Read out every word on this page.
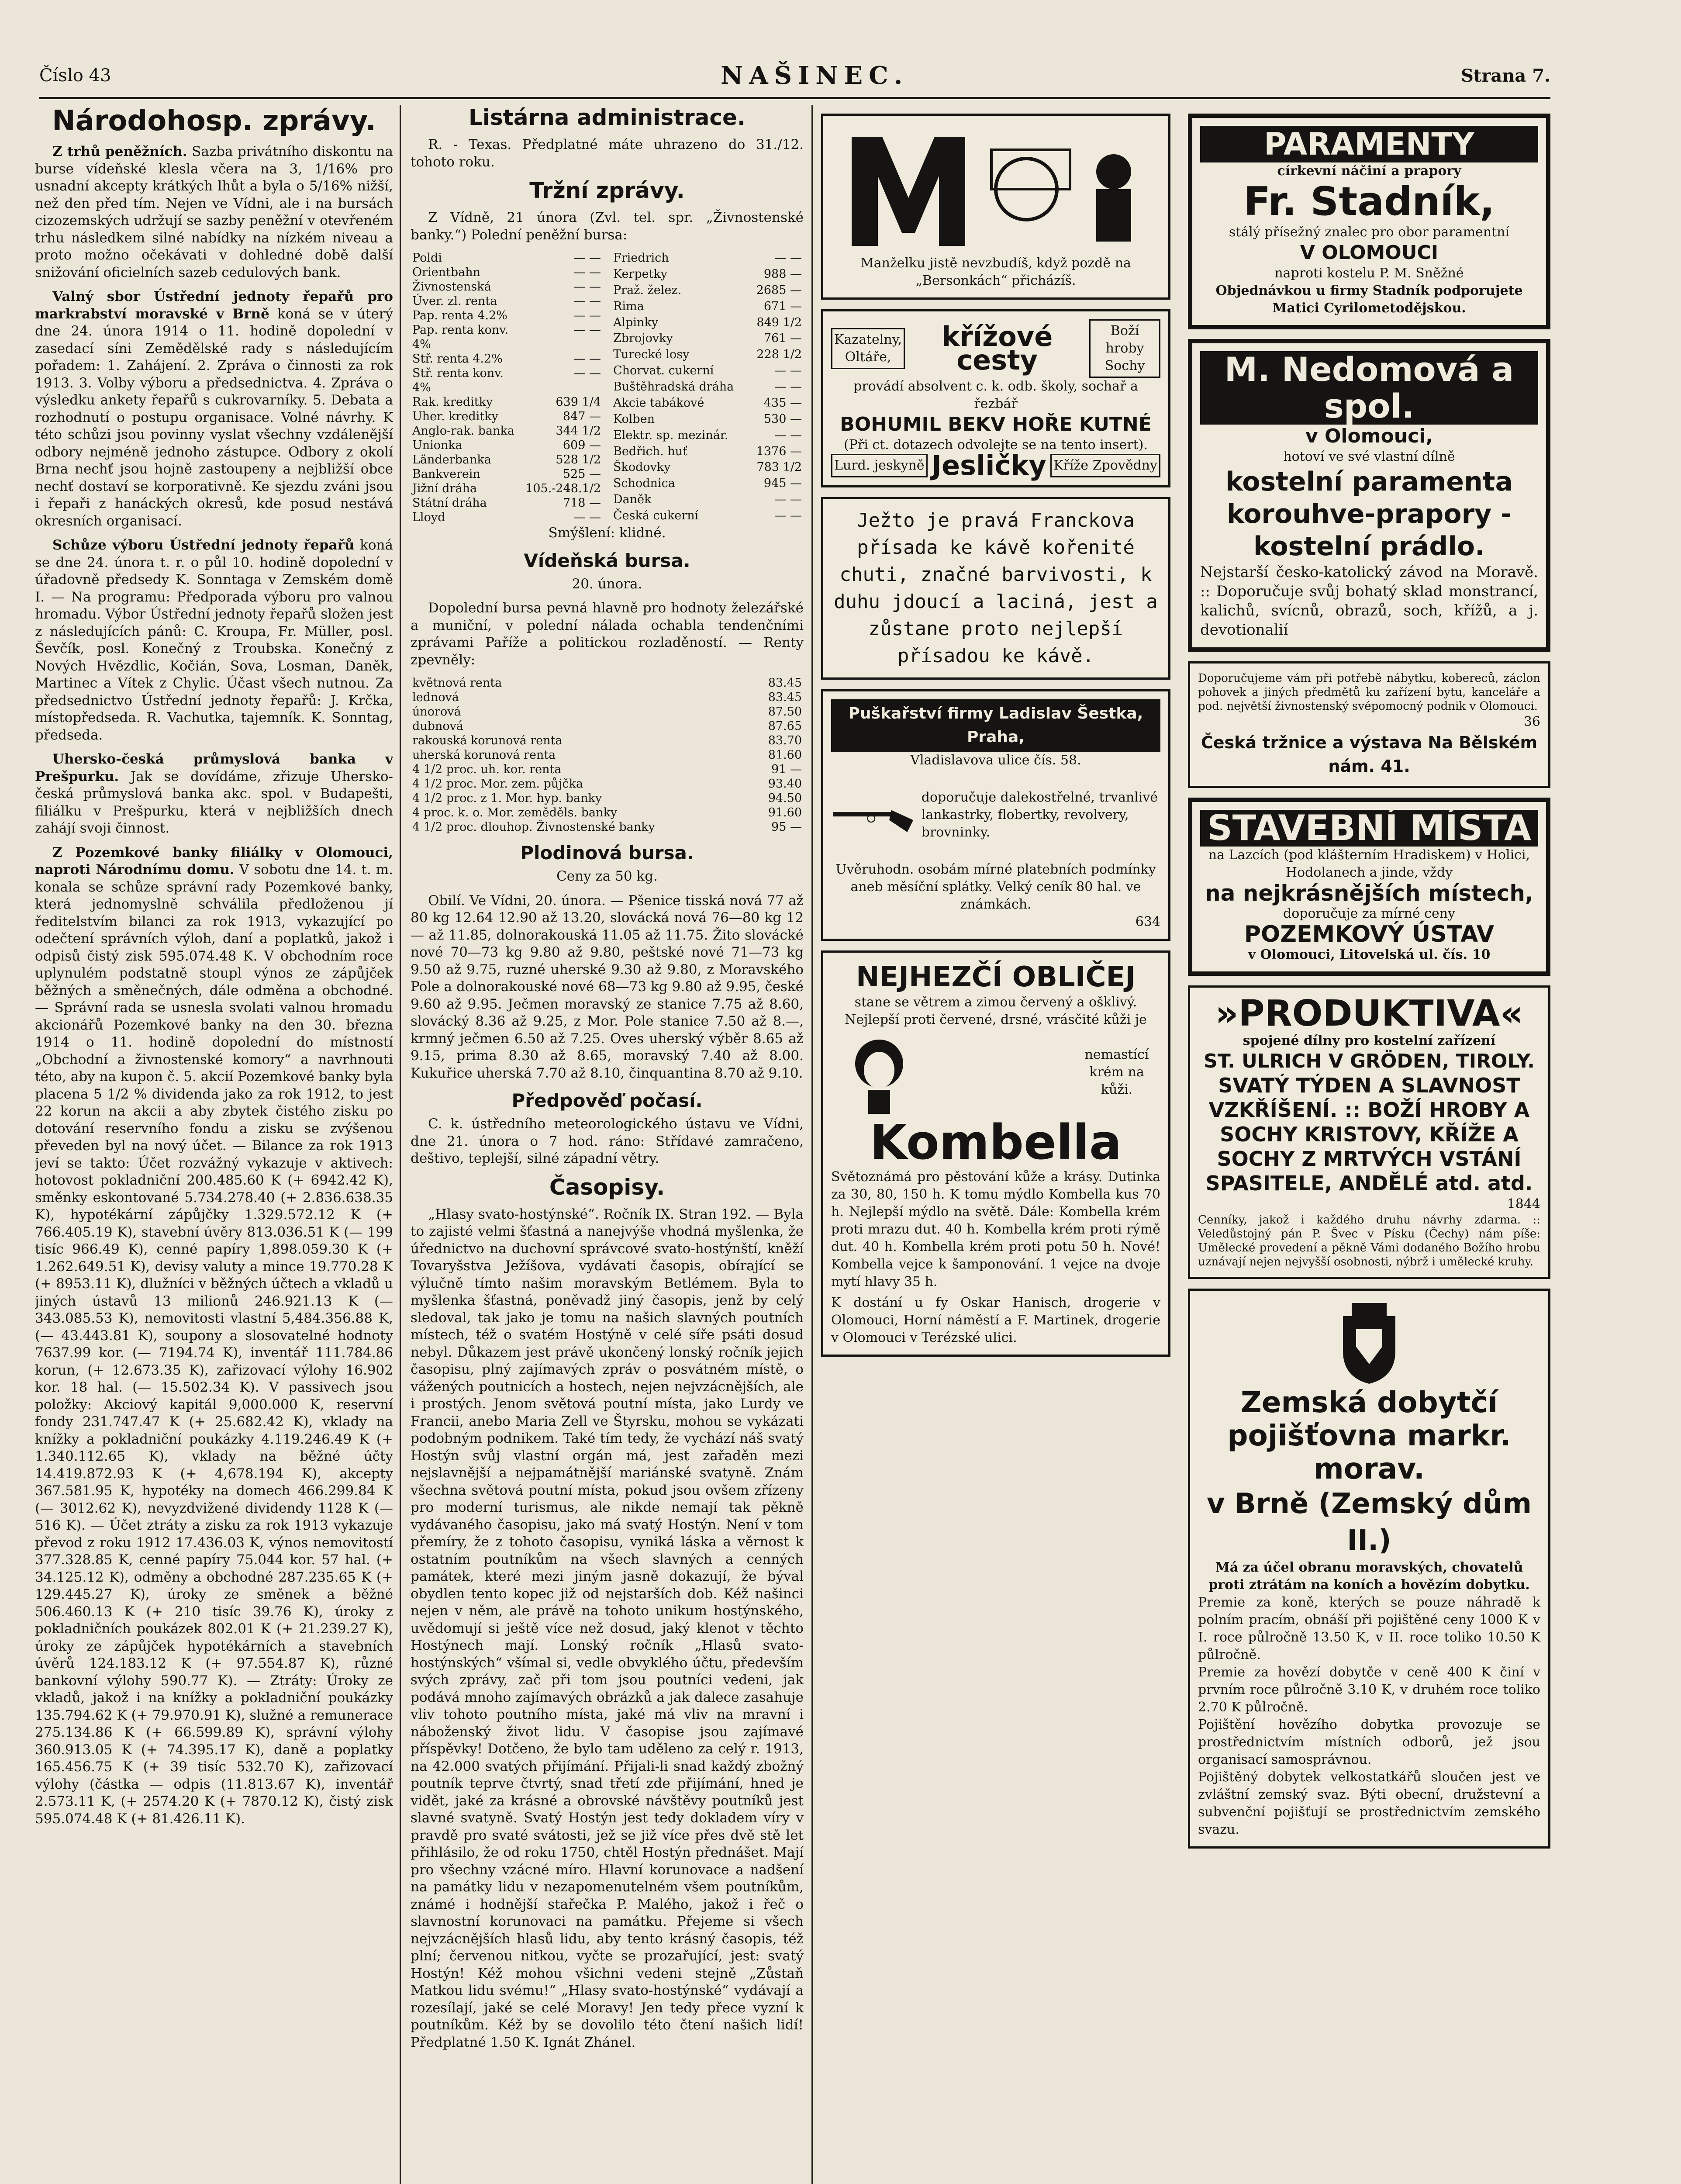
Číslo 43	NAŠINEC.	Strana 7.
Národohosp. zprávy.

Z trhů peněžních. Sazba privátního diskontu na burse vídeňské klesla včera na 3, 1/16% pro usnadní akcepty krátkých lhůt a byla o 5/16% nižší, než den před tím. Nejen ve Vídni, ale i na bursách cizozemských udržují se sazby peněžní v otevřeném trhu následkem silné nabídky na nízkém niveau a proto možno očekávati v dohledné době další snižování oficielních sazeb cedulových bank.

Valný sbor Ústřední jednoty řepařů pro markrabství moravské v Brně koná se v úterý dne 24. února 1914 o 11. hodině dopolední v zasedací síni Zemědělské rady s následujícím pořadem: 1. Zahájení. 2. Zpráva o činnosti za rok 1913. 3. Volby výboru a předsednictva. 4. Zpráva o výsledku ankety řepařů s cukrovarníky. 5. Debata a rozhodnutí o postupu organisace. Volné návrhy. K této schůzi jsou povinny vyslat všechny vzdálenější odbory nejméně jednoho zástupce. Odbory z okolí Brna nechť jsou hojně zastoupeny a nejbližší obce nechť dostaví se korporativně. Ke sjezdu zváni jsou i řepaři z hanáckých okresů, kde posud nestává okresních organisací.

Schůze výboru Ústřední jednoty řepařů koná se dne 24. února t. r. o půl 10. hodině dopolední v úřadovně předsedy K. Sonntaga v Zemském domě I. — Na programu: Předporada výboru pro valnou hromadu. Výbor Ústřední jednoty řepařů složen jest z následujících pánů: C. Kroupa, Fr. Müller, posl. Ševčík, posl. Konečný z Troubska. Konečný z Nových Hvězdlic, Kočián, Sova, Losman, Daněk, Martinec a Vítek z Chylic. Účast všech nutnou. Za předsednictvo Ústřední jednoty řepařů: J. Krčka, místopředseda. R. Vachutka, tajemník. K. Sonntag, předseda.

Uhersko-česká průmyslová banka v Prešpurku. Jak se dovídáme, zřizuje Uhersko-česká průmyslová banka akc. spol. v Budapešti, filiálku v Prešpurku, která v nejbližších dnech zahájí svoji činnost.

Z Pozemkové banky filiálky v Olomouci, naproti Národnímu domu. V sobotu dne 14. t. m. konala se schůze správní rady Pozemkové banky, která jednomyslně schválila předloženou jí ředitelstvím bilanci za rok 1913, vykazující po odečtení správních výloh, daní a poplatků, jakož i odpisů čistý zisk 595.074.48 K. V obchodním roce uplynulém podstatně stoupl výnos ze zápůjček běžných a směnečných, dále odměna a obchodné. — Správní rada se usnesla svolati valnou hromadu akcionářů Pozemkové banky na den 30. března 1914 o 11. hodině dopolední do místností „Obchodní a živnostenské komory“ a navrhnouti této, aby na kupon č. 5. akcií Pozemkové banky byla placena 5 1/2 % dividenda jako za rok 1912, to jest 22 korun na akcii a aby zbytek čistého zisku po dotování reservního fondu a zisku se zvýšenou převeden byl na nový účet. — Bilance za rok 1913 jeví se takto: Účet rozvážný vykazuje v aktivech: hotovost pokladniční 200.485.60 K (+ 6942.42 K), směnky eskontované 5.734.278.40 (+ 2.836.638.35 K), hypotékární zápůjčky 1.329.572.12 K (+ 766.405.19 K), stavební úvěry 813.036.51 K (— 199 tisíc 966.49 K), cenné papíry 1,898.059.30 K (+ 1.262.649.51 K), devisy valuty a mince 19.770.28 K (+ 8953.11 K), dlužníci v běžných účtech a vkladů u jiných ústavů 13 milionů 246.921.13 K (— 343.085.53 K), nemovitosti vlastní 5,484.356.88 K, (— 43.443.81 K), soupony a slosovatelné hodnoty 7637.99 kor. (— 7194.74 K), inventář 111.784.86 korun, (+ 12.673.35 K), zařizovací výlohy 16.902 kor. 18 hal. (— 15.502.34 K). V passivech jsou položky: Akciový kapitál 9,000.000 K, reservní fondy 231.747.47 K (+ 25.682.42 K), vklady na knížky a pokladniční poukázky 4.119.246.49 K (+ 1.340.112.65 K), vklady na běžné účty 14.419.872.93 K (+ 4,678.194 K), akcepty 367.581.95 K, hypotéky na domech 466.299.84 K (— 3012.62 K), nevyzdvižené dividendy 1128 K (— 516 K). — Účet ztráty a zisku za rok 1913 vykazuje převod z roku 1912 17.436.03 K, výnos nemovitostí 377.328.85 K, cenné papíry 75.044 kor. 57 hal. (+ 34.125.12 K), odměny a obchodné 287.235.65 K (+ 129.445.27 K), úroky ze směnek a běžné 506.460.13 K (+ 210 tisíc 39.76 K), úroky z pokladničních poukázek 802.01 K (+ 21.239.27 K), úroky ze zápůjček hypotékárních a stavebních úvěrů 124.183.12 K (+ 97.554.87 K), různé bankovní výlohy 590.77 K). — Ztráty: Úroky ze vkladů, jakož i na knížky a pokladniční poukázky 135.794.62 K (+ 79.970.91 K), služné a remunerace 275.134.86 K (+ 66.599.89 K), správní výlohy 360.913.05 K (+ 74.395.17 K), daně a poplatky 165.456.75 K (+ 39 tisíc 532.70 K), zařizovací výlohy (částka — odpis (11.813.67 K), inventář 2.573.11 K, (+ 2574.20 K (+ 7870.12 K), čistý zisk 595.074.48 K (+ 81.426.11 K).

Listárna administrace.

R. - Texas. Předplatné máte uhrazeno do 31./12. tohoto roku.

Tržní zprávy.

Z Vídně, 21 února (Zvl. tel. spr. „Živnostenské banky.“) Polední peněžní bursa:

Poldi	— —
Orientbahn	— —
Živnostenská	— —
Úver. zl. renta	— —
Pap. renta 4.2%	— —
Pap. renta konv. 4%	— —
Stř. renta 4.2%	— —
Stř. renta konv. 4%	— —
Rak. kreditky	639 1/4
Uher. kreditky	847 —
Anglo-rak. banka	344 1/2
Unionka	609 —
Länderbanka	528 1/2
Bankverein	525 —
Jižní dráha	105.-248.1/2
Státní dráha	718 —
Lloyd	— —
Friedrich	— —
Kerpetky	988 —
Praž. želez.	2685 —
Rima	671 —
Alpinky	849 1/2
Zbrojovky	761 —
Turecké losy	228 1/2
Chorvat. cukerní	— —
Buštěhradská dráha	— —
Akcie tabákové	435 —
Kolben	530 —
Elektr. sp. mezinár.	— —
Bedřich. huť	1376 —
Škodovky	783 1/2
Schodnica	945 —
Daněk	— —
Česká cukerní	— —

Smýšlení: klidné.

Vídeňská bursa.

20. února.

Dopolední bursa pevná hlavně pro hodnoty železářské a muniční, v polední nálada ochabla tendenčními zprávami Paříže a politickou rozladěností. — Renty zpevněly:

květnová renta	83.45
lednová	83.45
únorová	87.50
dubnová	87.65
rakouská korunová renta	83.70
uherská korunová renta	81.60
4 1/2 proc. uh. kor. renta	91 —
4 1/2 proc. Mor. zem. půjčka	93.40
4 1/2 proc. z 1. Mor. hyp. banky	94.50
4 proc. k. o. Mor. zeměděls. banky	91.60
4 1/2 proc. dlouhop. Živnostenské banky	95 —
Plodinová bursa.

Ceny za 50 kg.

Obilí. Ve Vídni, 20. února. — Pšenice tisská nová 77 až 80 kg 12.64 12.90 až 13.20, slovácká nová 76—80 kg 12— až 11.85, dolnorakouská 11.05 až 11.75. Žito slovácké nové 70—73 kg 9.80 až 9.80, peštské nové 71—73 kg 9.50 až 9.75, ruzné uherské 9.30 až 9.80, z Moravského Pole a dolnorakouské nové 68—73 kg 9.80 až 9.95, české 9.60 až 9.95. Ječmen moravský ze stanice 7.75 až 8.60, slovácký 8.36 až 9.25, z Mor. Pole stanice 7.50 až 8.—, krmný ječmen 6.50 až 7.25. Oves uherský výběr 8.65 až 9.15, prima 8.30 až 8.65, moravský 7.40 až 8.00. Kukuřice uherská 7.70 až 8.10, činquantina 8.70 až 9.10.

Předpověď počasí.

C. k. ústředního meteorologického ústavu ve Vídni, dne 21. února o 7 hod. ráno: Střídavé zamračeno, deštivo, teplejší, silné západní větry.

Časopisy.

„Hlasy svato-hostýnské“. Ročník IX. Stran 192. — Byla to zajisté velmi šťastná a nanejvýše vhodná myšlenka, že úřednictvo na duchovní správcové svato-hostýnští, kněží Tovaryšstva Ježíšova, vydávati časopis, obírající se výlučně tímto našim moravským Betlémem. Byla to myšlenka šťastná, poněvadž jiný časopis, jenž by celý sledoval, tak jako je tomu na našich slavných poutních místech, též o svatém Hostýně v celé síře psáti dosud nebyl. Důkazem jest právě ukončený lonský ročník jejich časopisu, plný zajímavých zpráv o posvátném místě, o vážených poutnicích a hostech, nejen nejvzácnějších, ale i prostých. Jenom světová poutní místa, jako Lurdy ve Francii, anebo Maria Zell ve Štyrsku, mohou se vykázati podobným podnikem. Také tím tedy, že vychází náš svatý Hostýn svůj vlastní orgán má, jest zařaděn mezi nejslavnější a nejpamátnější mariánské svatyně. Znám všechna světová poutní místa, pokud jsou ovšem zřízeny pro moderní turismus, ale nikde nemají tak pěkně vydávaného časopisu, jako má svatý Hostýn. Není v tom přemíry, že z tohoto časopisu, vyniká láska a věrnost k ostatním poutníkům na všech slavných a cenných památek, které mezi jiným jasně dokazují, že býval obydlen tento kopec již od nejstarších dob. Kéž našinci nejen v něm, ale právě na tohoto unikum hostýnského, uvědomují si ještě více než dosud, jaký klenot v těchto Hostýnech mají. Lonský ročník „Hlasů svato-hostýnských“ všímal si, vedle obvyklého účtu, především svých zprávy, zač při tom jsou poutníci vedeni, jak podává mnoho zajímavých obrázků a jak dalece zasahuje vliv tohoto poutního místa, jaké má vliv na mravní i náboženský život lidu. V časopise jsou zajímavé příspěvky! Dotčeno, že bylo tam uděleno za celý r. 1913, na 42.000 svatých přijímání. Přijali-li snad každý zbožný poutník teprve čtvrtý, snad třetí zde přijímání, hned je vidět, jaké za krásné a obrovské návštěvy poutníků jest slavné svatyně. Svatý Hostýn jest tedy dokladem víry v pravdě pro svaté svátosti, jež se již více přes dvě stě let přihlásilo, že od roku 1750, chtěl Hostýn přednášet. Mají pro všechny vzácné míro. Hlavní korunovace a nadšení na památky lidu v nezapomenutelném všem poutníkům, známé i hodnější stařečka P. Malého, jakož i řeč o slavnostní korunovaci na památku. Přejeme si všech nejvzácnějších hlasů lidu, aby tento krásný časopis, též plní; červenou nitkou, vyčte se prozařující, jest: svatý Hostýn! Kéž mohou všichni vedeni stejně „Zůstaň Matkou lidu svému!“ „Hlasy svato-hostýnské“ vydávají a rozesílají, jaké se celé Moravy! Jen tedy přece vyzní k poutníkům. Kéž by se dovolilo této čtení našich lidí! Předplatné 1.50 K. Ignát Zhánel.

Manželku jistě nevzbudíš, když pozdě na „Bersonkách“ přicházíš.
Kazatelny,
Oltáře,
křížové cesty
Boží hroby
Sochy
provádí absolvent c. k. odb. školy, sochař a řezbář
BOHUMIL BEKV HOŘE KUTNÉ
(Při ct. dotazech odvolejte se na tento insert).
Lurd. jeskyně Jesličky Kříže Zpovědny
Ježto je pravá Franckova přísada ke kávě kořenité chuti, značné barvivosti, k duhu jdoucí a laciná, jest a zůstane proto nejlepší přísadou ke kávě.
Puškařství firmy Ladislav Šestka, Praha,
Vladislavova ulice čís. 58.
doporučuje dalekostřelné, trvanlivé lankastrky, flobertky, revolvery, brovninky.
Uvěruhodn. osobám mírné platebních podmínky aneb měsíční splátky. Velký ceník 80 hal. ve známkách.
634
NEJHEZČÍ OBLIČEJ
stane se větrem a zimou červený a ošklivý. Nejlepší proti červené, drsné, vrásčité kůži je
nemastící krém na kůži.
Kombella
Světoznámá pro pěstování kůže a krásy. Dutinka za 30, 80, 150 h. K tomu mýdlo Kombella kus 70 h. Nejlepší mýdlo na světě. Dále: Kombella krém proti mrazu dut. 40 h. Kombella krém proti rýmě dut. 40 h. Kombella krém proti potu 50 h. Nové! Kombella vejce k šamponování. 1 vejce na dvoje mytí hlavy 35 h.
K dostání u fy Oskar Hanisch, drogerie v Olomouci, Horní náměstí a F. Martinek, drogerie v Olomouci v Terézské ulici.
PARAMENTY
církevní náčiní a prapory
Fr. Stadník,
stálý přísežný znalec pro obor paramentní
V OLOMOUCI
naproti kostelu P. M. Sněžné
Objednávkou u firmy Stadník podporujete Matici Cyrilometodějskou.
M. Nedomová a spol.
v Olomouci,
hotoví ve své vlastní dílně
kostelní paramenta korouhve-prapory - kostelní prádlo.
Nejstarší česko-katolický závod na Moravě. :: Doporučuje svůj bohatý sklad monstrancí, kalichů, svícnů, obrazů, soch, křížů, a j. devotionalií
Doporučujeme vám při potřebě nábytku, kobereců, záclon pohovek a jiných předmětů ku zařízení bytu, kanceláře a pod. největší živnostenský svépomocný podnik v Olomouci.
36
Česká tržnice a výstava Na Bělském nám. 41.
STAVEBNÍ MÍSTA
na Lazcích (pod klášterním Hradiskem) v Holici, Hodolanech a jinde, vždy
na nejkrásnějších místech,
doporučuje za mírné ceny
POZEMKOVÝ ÚSTAV
v Olomouci, Litovelská ul. čís. 10
»PRODUKTIVA«
spojené dílny pro kostelní zařízení
ST. ULRICH V GRÖDEN, TIROLY.
SVATÝ TÝDEN A SLAVNOST VZKŘÍŠENÍ. :: BOŽÍ HROBY A SOCHY KRISTOVY, KŘÍŽE A SOCHY Z MRTVÝCH VSTÁNÍ SPASITELE, ANDĚLÉ atd. atd.
1844
Cenníky, jakož i každého druhu návrhy zdarma. :: Veledůstojný pán P. Švec v Písku (Čechy) nám píše: Umělecké provedení a pěkně Vámi dodaného Božího hrobu uznávají nejen nejvyšší osobnosti, nýbrž i umělecké kruhy.
Zemská dobytčí pojišťovna markr. morav.
v Brně (Zemský dům II.)
Má za účel obranu moravských, chovatelů proti ztrátám na koních a hovězím dobytku.
Premie za koně, kterých se pouze náhradě k polním pracím, obnáší při pojištěné ceny 1000 K v I. roce půlročně 13.50 K, v II. roce toliko 10.50 K půlročně.
Premie za hovězí dobytče v ceně 400 K činí v prvním roce půlročně 3.10 K, v druhém roce toliko 2.70 K půlročně.
Pojištění hovězího dobytka provozuje se prostřednictvím místních odborů, jež jsou organisací samosprávnou.
Pojištěný dobytek velkostatkářů sloučen jest ve zvláštní zemský svaz. Býti obecní, družstevní a subvenční pojišťují se prostřednictvím zemského svazu.
